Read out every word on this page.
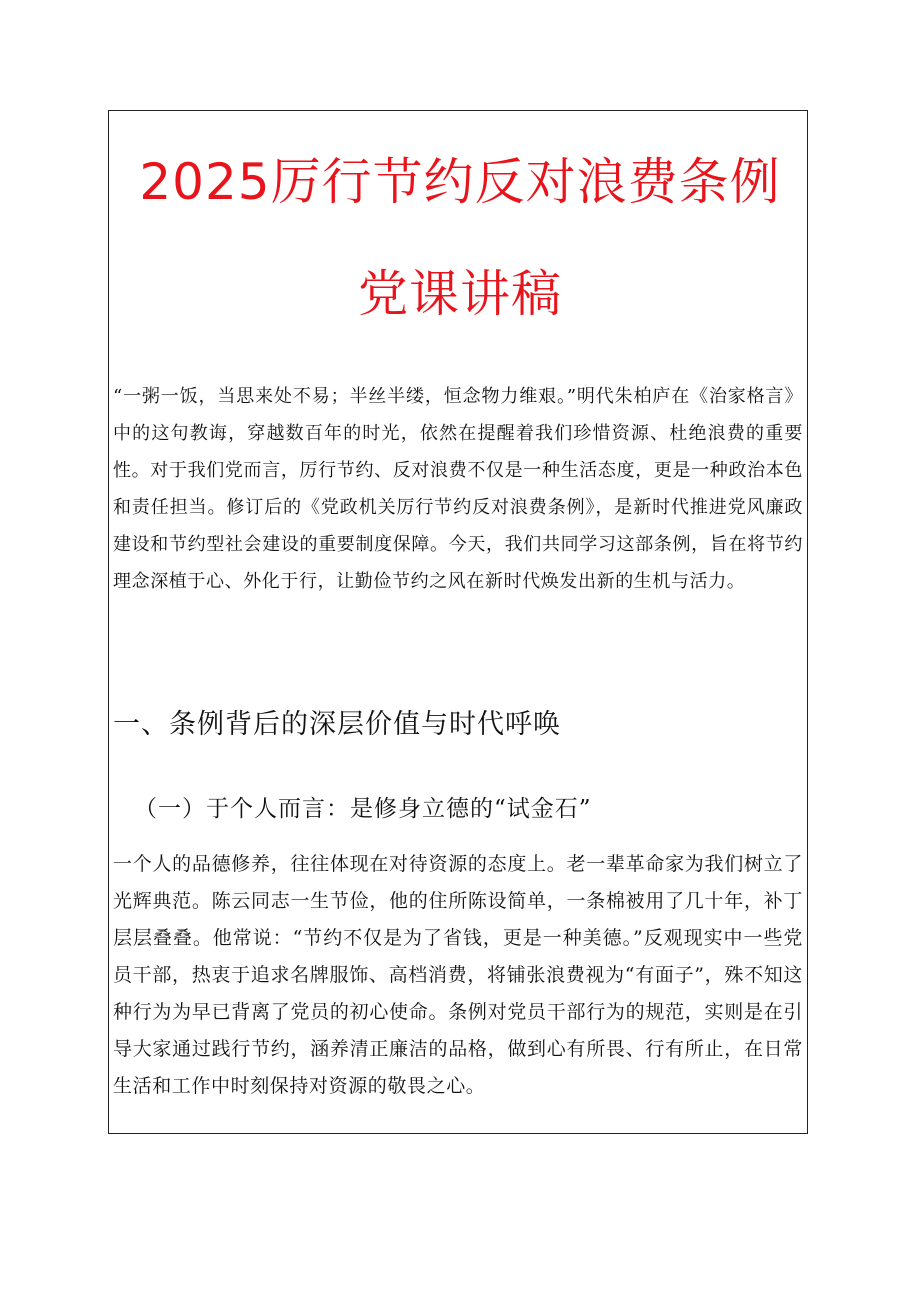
2025厉行节约反对浪费条例
党课讲稿

“一粥一饭，当思来处不易；半丝半缕，恒念物力维艰。”明代朱柏庐在《治家格言》中的这句教诲，穿越数百年的时光，依然在提醒着我们珍惜资源、杜绝浪费的重要性。对于我们党而言，厉行节约、反对浪费不仅是一种生活态度，更是一种政治本色和责任担当。修订后的《党政机关厉行节约反对浪费条例》，是新时代推进党风廉政建设和节约型社会建设的重要制度保障。今天，我们共同学习这部条例，旨在将节约理念深植于心、外化于行，让勤俭节约之风在新时代焕发出新的生机与活力。

一、条例背后的深层价值与时代呼唤
（一）于个人而言：是修身立德的“试金石”

一个人的品德修养，往往体现在对待资源的态度上。老一辈革命家为我们树立了光辉典范。陈云同志一生节俭，他的住所陈设简单，一条棉被用了几十年，补丁层层叠叠。他常说：“节约不仅是为了省钱，更是一种美德。”反观现实中一些党员干部，热衷于追求名牌服饰、高档消费，将铺张浪费视为“有面子”，殊不知这种行为为早已背离了党员的初心使命。条例对党员干部行为的规范，实则是在引导大家通过践行节约，涵养清正廉洁的品格，做到心有所畏、行有所止，在日常生活和工作中时刻保持对资源的敬畏之心。
